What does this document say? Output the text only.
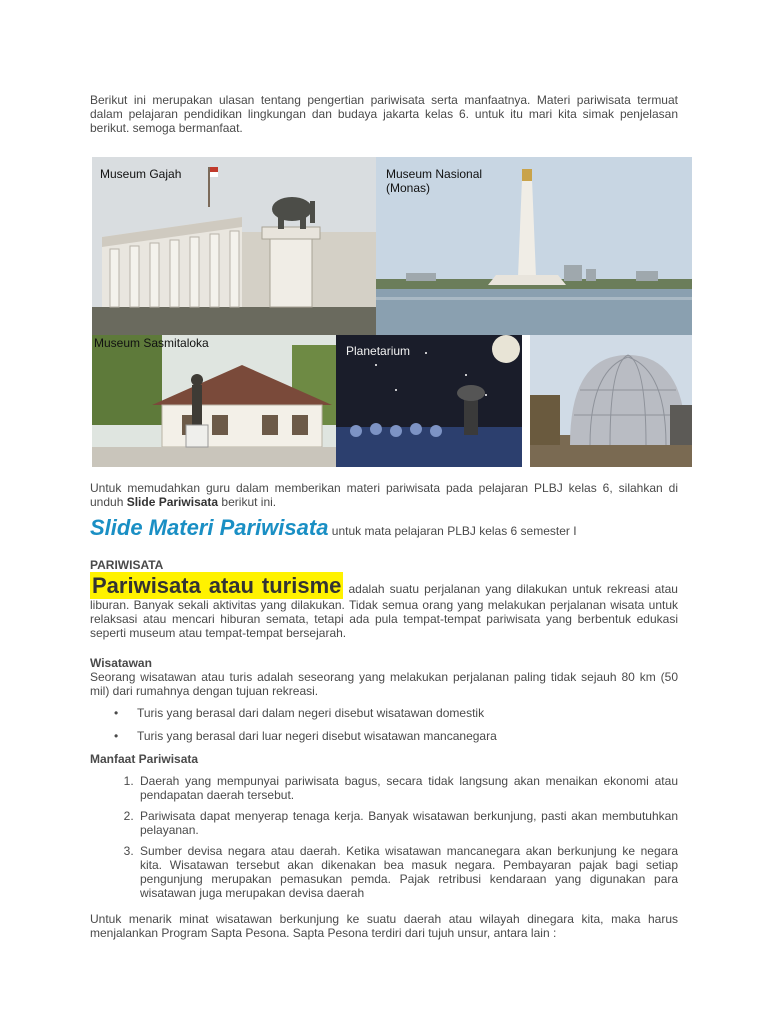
Berikut ini merupakan ulasan tentang pengertian pariwisata serta manfaatnya. Materi pariwisata termuat dalam pelajaran pendidikan lingkungan dan budaya jakarta kelas 6. untuk itu mari kita simak penjelasan berikut. semoga bermanfaat.

Museum Gajah	Museum Nasional
(Monas)
Museum Sasmitaloka
Planetarium

Untuk memudahkan guru dalam memberikan materi pariwisata pada pelajaran PLBJ kelas 6, silahkan di unduh Slide Pariwisata berikut ini.

Slide Materi Pariwisata untuk mata pelajaran PLBJ kelas 6 semester I
PARIWISATA

Pariwisata atau turisme adalah suatu perjalanan yang dilakukan untuk rekreasi atau liburan. Banyak sekali aktivitas yang dilakukan. Tidak semua orang yang melakukan perjalanan wisata untuk relaksasi atau mencari hiburan semata, tetapi ada pula tempat-tempat pariwisata yang berbentuk edukasi seperti museum atau tempat-tempat bersejarah.

Wisatawan

Seorang wisatawan atau turis adalah seseorang yang melakukan perjalanan paling tidak sejauh 80 km (50 mil) dari rumahnya dengan tujuan rekreasi.

• Turis yang berasal dari dalam negeri disebut wisatawan domestik
• Turis yang berasal dari luar negeri disebut wisatawan mancanegara
Manfaat Pariwisata
1. Daerah yang mempunyai pariwisata bagus, secara tidak langsung akan menaikan ekonomi atau pendapatan daerah tersebut.
2. Pariwisata dapat menyerap tenaga kerja. Banyak wisatawan berkunjung, pasti akan membutuhkan pelayanan.
3. Sumber devisa negara atau daerah. Ketika wisatawan mancanegara akan berkunjung ke negara kita. Wisatawan tersebut akan dikenakan bea masuk negara. Pembayaran pajak bagi setiap pengunjung merupakan pemasukan pemda. Pajak retribusi kendaraan yang digunakan para wisatawan juga merupakan devisa daerah

Untuk menarik minat wisatawan berkunjung ke suatu daerah atau wilayah dinegara kita, maka harus menjalankan Program Sapta Pesona. Sapta Pesona terdiri dari tujuh unsur, antara lain :
